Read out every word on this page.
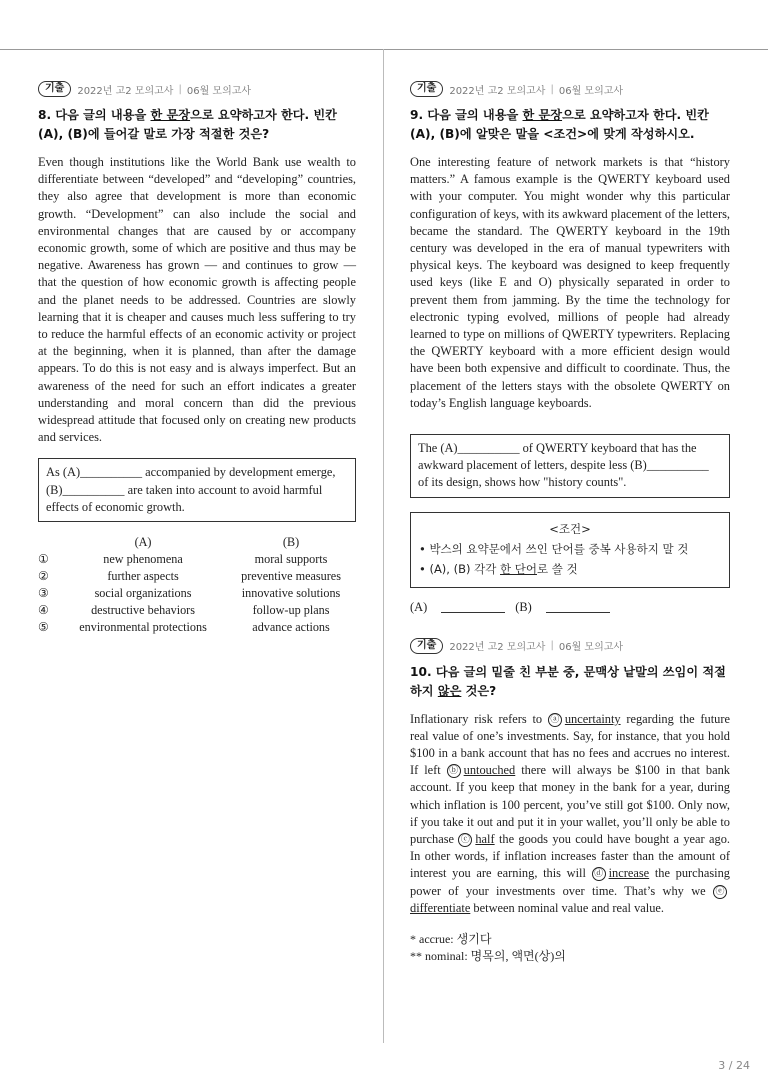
기출	2022년 고2 모의고사 | 06월 모의고사
8. 다음 글의 내용을 한 문장으로 요약하고자 한다. 빈칸 (A), (B)에 들어갈 말로 가장 적절한 것은?

Even though institutions like the World Bank use wealth to differentiate between “developed” and “developing” countries, they also agree that development is more than economic growth. “Development” can also include the social and environmental changes that are caused by or accompany economic growth, some of which are positive and thus may be negative. Awareness has grown — and continues to grow — that the question of how economic growth is affecting people and the planet needs to be addressed. Countries are slowly learning that it is cheaper and causes much less suffering to try to reduce the harmful effects of an economic activity or project at the beginning, when it is planned, than after the damage appears. To do this is not easy and is always imperfect. But an awareness of the need for such an effort indicates a greater understanding and moral concern than did the previous widespread attitude that focused only on creating new products and services.

As (A)__________ accompanied by development emerge, (B)__________ are taken into account to avoid harmful effects of economic growth.
	(A)	(B)
①	new phenomena	moral supports
②	further aspects	preventive measures
③	social organizations	innovative solutions
④	destructive behaviors	follow-up plans
⑤	environmental protections	advance actions
기출	2022년 고2 모의고사 | 06월 모의고사
9. 다음 글의 내용을 한 문장으로 요약하고자 한다. 빈칸 (A), (B)에 알맞은 말을 <조건>에 맞게 작성하시오.

One interesting feature of network markets is that “history matters.” A famous example is the QWERTY keyboard used with your computer. You might wonder why this particular configuration of keys, with its awkward placement of the letters, became the standard. The QWERTY keyboard in the 19th century was developed in the era of manual typewriters with physical keys. The keyboard was designed to keep frequently used keys (like E and O) physically separated in order to prevent them from jamming. By the time the technology for electronic typing evolved, millions of people had already learned to type on millions of QWERTY typewriters. Replacing the QWERTY keyboard with a more efficient design would have been both expensive and difficult to coordinate. Thus, the placement of the letters stays with the obsolete QWERTY on today’s English language keyboards.

The (A)__________ of QWERTY keyboard that has the awkward placement of letters, despite less (B)__________ of its design, shows how "history counts".
<조건>
• 박스의 요약문에서 쓰인 단어를 중복 사용하지 말 것
• (A), (B) 각각 한 단어로 쓸 것
(A)	(B)
기출	2022년 고2 모의고사 | 06월 모의고사
10. 다음 글의 밑줄 친 부분 중, 문맥상 낱말의 쓰임이 적절하지 않은 것은?

Inflationary risk refers to ⓐ uncertainty regarding the future real value of one’s investments. Say, for instance, that you hold $100 in a bank account that has no fees and accrues no interest. If left ⓑ untouched there will always be $100 in that bank account. If you keep that money in the bank for a year, during which inflation is 100 percent, you’ve still got $100. Only now, if you take it out and put it in your wallet, you’ll only be able to purchase ⓒ half the goods you could have bought a year ago. In other words, if inflation increases faster than the amount of interest you are earning, this will ⓓ increase the purchasing power of your investments over time. That’s why we ⓔdifferentiate between nominal value and real value.

* accrue: 생기다
** nominal: 명목의, 액면(상)의
3 / 24
